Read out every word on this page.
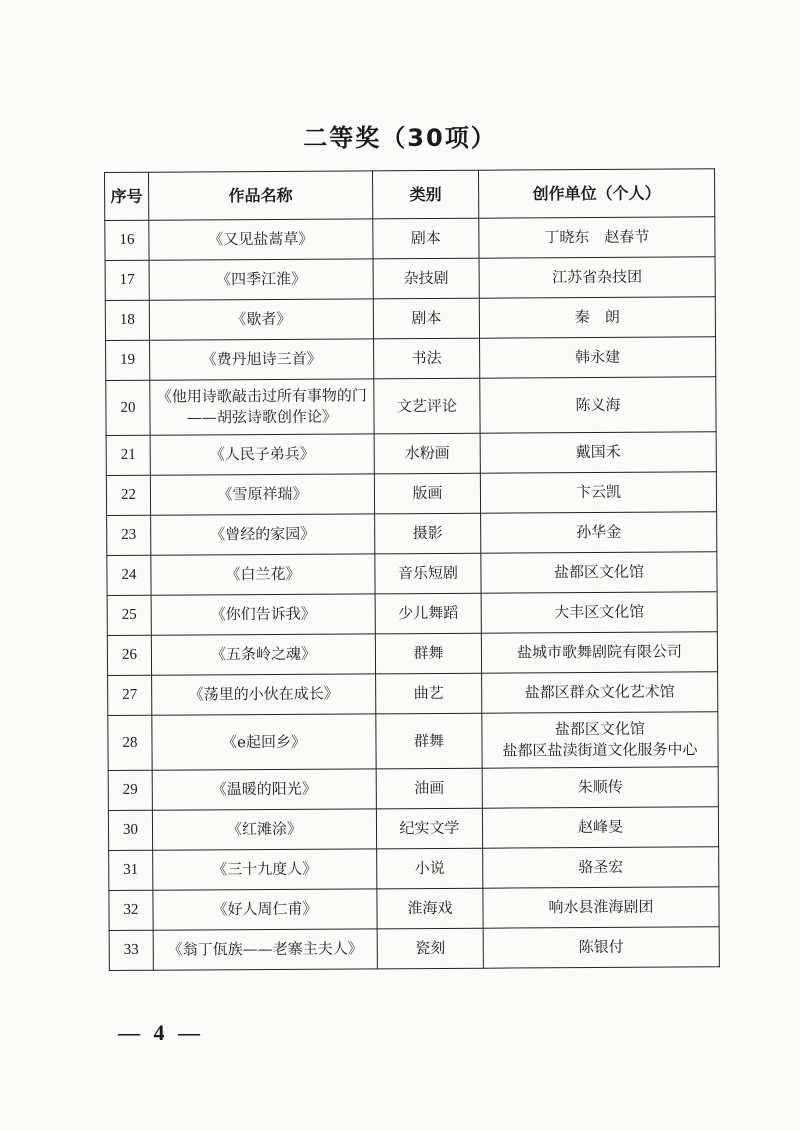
二等奖（30项）
序号	作品名称	类别	创作单位（个人）
16	《又见盐蒿草》	剧本	丁晓东　赵春节

17	《四季江淮》	杂技剧	江苏省杂技团

18	《歇者》	剧本	秦　朗

19	《费丹旭诗三首》	书法	韩永建

20	《他用诗歌敲击过所有事物的门
——胡弦诗歌创作论》	文艺评论	陈义海

21	《人民子弟兵》	水粉画	戴国禾

22	《雪原祥瑞》	版画	卞云凯

23	《曾经的家园》	摄影	孙华金

24	《白兰花》	音乐短剧	盐都区文化馆

25	《你们告诉我》	少儿舞蹈	大丰区文化馆

26	《五条岭之魂》	群舞	盐城市歌舞剧院有限公司

27	《荡里的小伙在成长》	曲艺	盐都区群众文化艺术馆

28	《e起回乡》	群舞	盐都区文化馆
盐都区盐渎街道文化服务中心

29	《温暖的阳光》	油画	朱顺传

30	《红滩涂》	纪实文学	赵峰旻

31	《三十九度人》	小说	骆圣宏

32	《好人周仁甫》	淮海戏	响水县淮海剧团

33	《翁丁佤族——老寨主夫人》	瓷刻	陈银付
— 4 —
